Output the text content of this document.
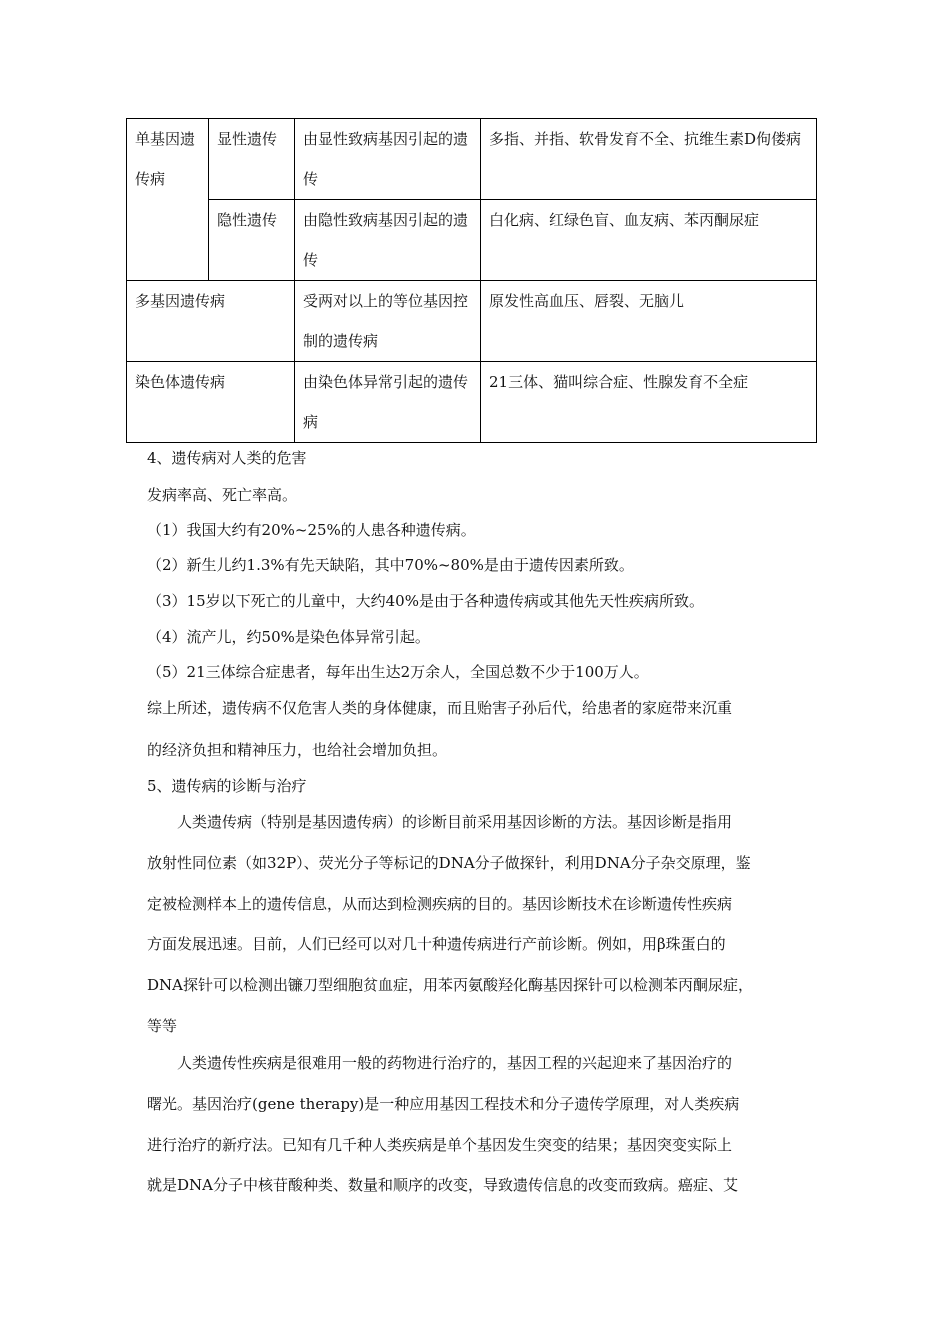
单基因遗传病	显性遗传	由显性致病基因引起的遗传	多指、并指、软骨发育不全、抗维生素D佝偻病
	隐性遗传	由隐性致病基因引起的遗传	白化病、红绿色盲、血友病、苯丙酮尿症
多基因遗传病		受两对以上的等位基因控制的遗传病	原发性高血压、唇裂、无脑儿
染色体遗传病		由染色体异常引起的遗传病	21三体、猫叫综合症、性腺发育不全症
4、遗传病对人类的危害
发病率高、死亡率高。
（1）我国大约有20%~25%的人患各种遗传病。
（2）新生儿约1.3%有先天缺陷，其中70%~80%是由于遗传因素所致。
（3）15岁以下死亡的儿童中，大约40%是由于各种遗传病或其他先天性疾病所致。
（4）流产儿，约50%是染色体异常引起。
（5）21三体综合症患者，每年出生达2万余人，全国总数不少于100万人。
综上所述，遗传病不仅危害人类的身体健康，而且贻害子孙后代，给患者的家庭带来沉重
的经济负担和精神压力，也给社会增加负担。
5、遗传病的诊断与治疗
人类遗传病（特别是基因遗传病）的诊断目前采用基因诊断的方法。基因诊断是指用
放射性同位素（如32P）、荧光分子等标记的DNA分子做探针，利用DNA分子杂交原理，鉴
定被检测样本上的遗传信息，从而达到检测疾病的目的。基因诊断技术在诊断遗传性疾病
方面发展迅速。目前，人们已经可以对几十种遗传病进行产前诊断。例如，用β珠蛋白的
DNA探针可以检测出镰刀型细胞贫血症，用苯丙氨酸羟化酶基因探针可以检测苯丙酮尿症，
等等
人类遗传性疾病是很难用一般的药物进行治疗的，基因工程的兴起迎来了基因治疗的
曙光。基因治疗(gene therapy)是一种应用基因工程技术和分子遗传学原理，对人类疾病
进行治疗的新疗法。已知有几千种人类疾病是单个基因发生突变的结果；基因突变实际上
就是DNA分子中核苷酸种类、数量和顺序的改变，导致遗传信息的改变而致病。癌症、艾
